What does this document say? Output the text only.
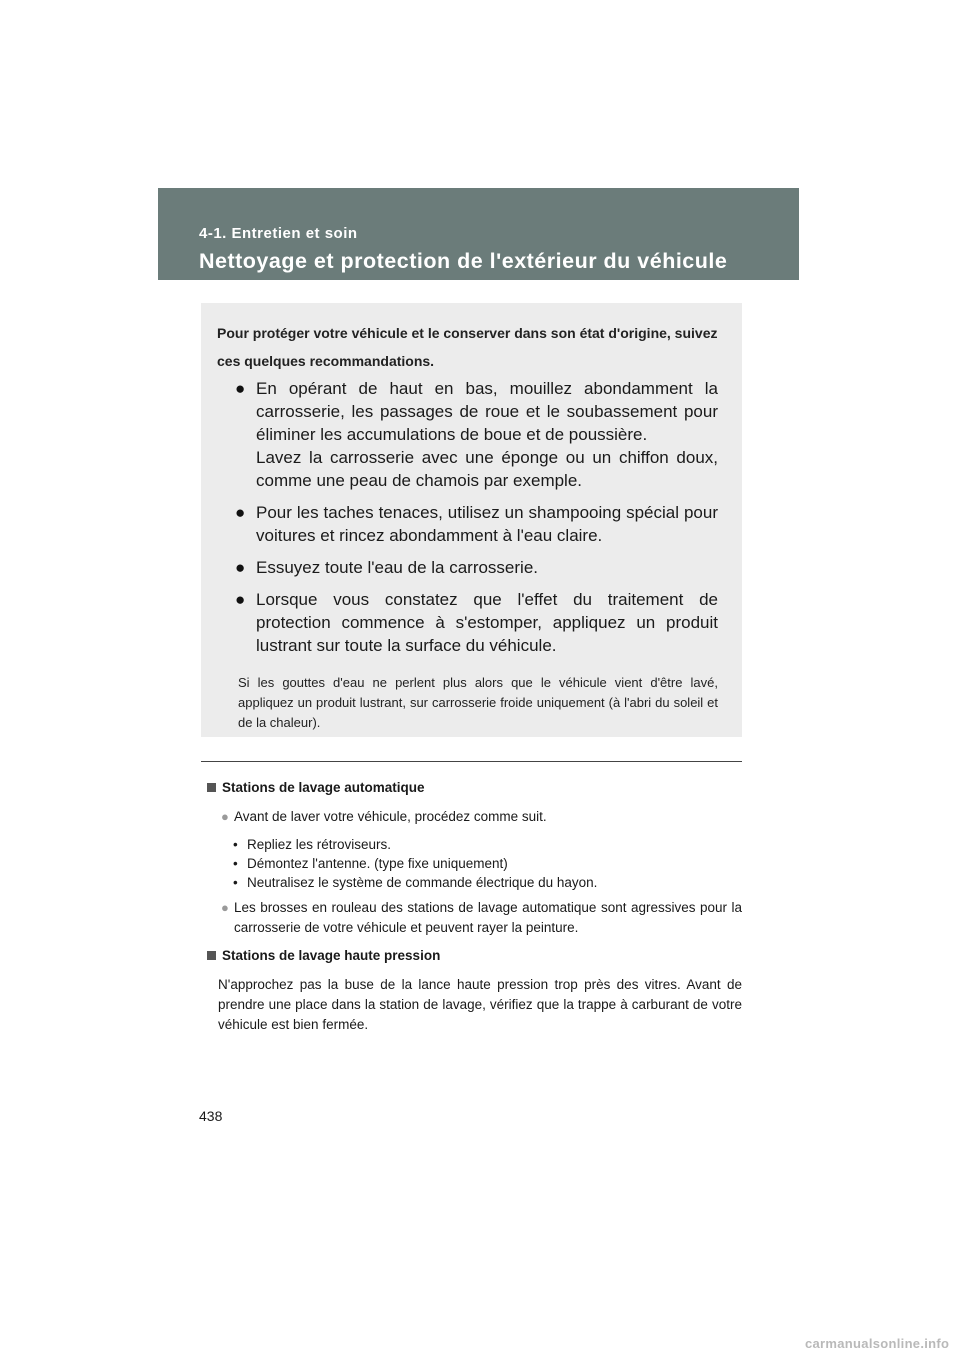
4-1. Entretien et soin
Nettoyage et protection de l'extérieur du véhicule

Pour protéger votre véhicule et le conserver dans son état d'origine, suivez ces quelques recommandations.

● En opérant de haut en bas, mouillez abondamment la carrosserie, les passages de roue et le soubassement pour éliminer les accumulations de boue et de poussière.

Lavez la carrosserie avec une éponge ou un chiffon doux, comme une peau de chamois par exemple.

● Pour les taches tenaces, utilisez un shampooing spécial pour voitures et rincez abondamment à l'eau claire.

● Essuyez toute l'eau de la carrosserie.

● Lorsque vous constatez que l'effet du traitement de protection commence à s'estomper, appliquez un produit lustrant sur toute la surface du véhicule.

Si les gouttes d'eau ne perlent plus alors que le véhicule vient d'être lavé, appliquez un produit lustrant, sur carrosserie froide uniquement (à l'abri du soleil et de la chaleur).
Stations de lavage automatique
● Avant de laver votre véhicule, procédez comme suit.
• Repliez les rétroviseurs.
• Démontez l'antenne. (type fixe uniquement)
• Neutralisez le système de commande électrique du hayon.
● Les brosses en rouleau des stations de lavage automatique sont agressives pour la carrosserie de votre véhicule et peuvent rayer la peinture.
Stations de lavage haute pression

N'approchez pas la buse de la lance haute pression trop près des vitres. Avant de prendre une place dans la station de lavage, vérifiez que la trappe à carburant de votre véhicule est bien fermée.

438
carmanualsonline.info
